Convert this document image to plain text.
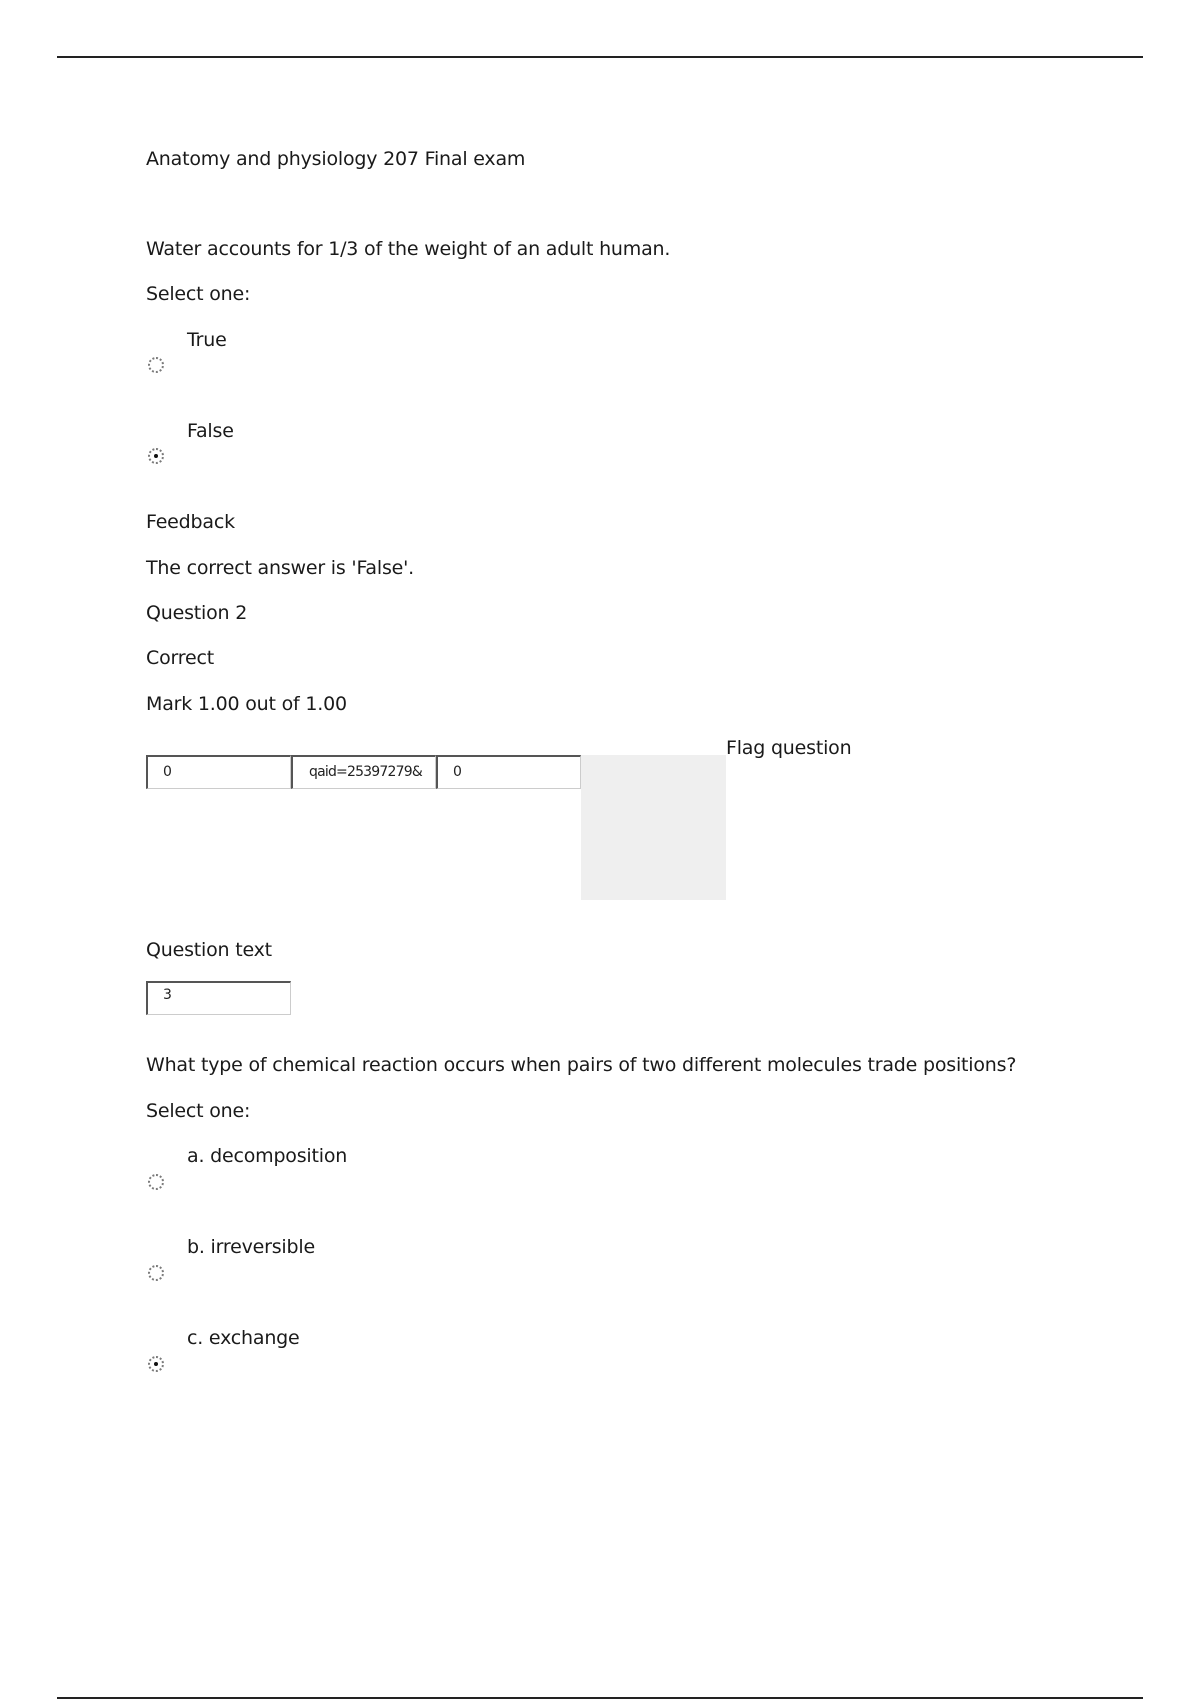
Anatomy and physiology 207 Final exam
Water accounts for 1/3 of the weight of an adult human.
Select one:
True
False
Feedback
The correct answer is 'False'.
Question 2
Correct
Mark 1.00 out of 1.00
0	qaid=25397279&	0
Flag question
Question text
3
What type of chemical reaction occurs when pairs of two different molecules trade positions?
Select one:
a. decomposition
b. irreversible
c. exchange
